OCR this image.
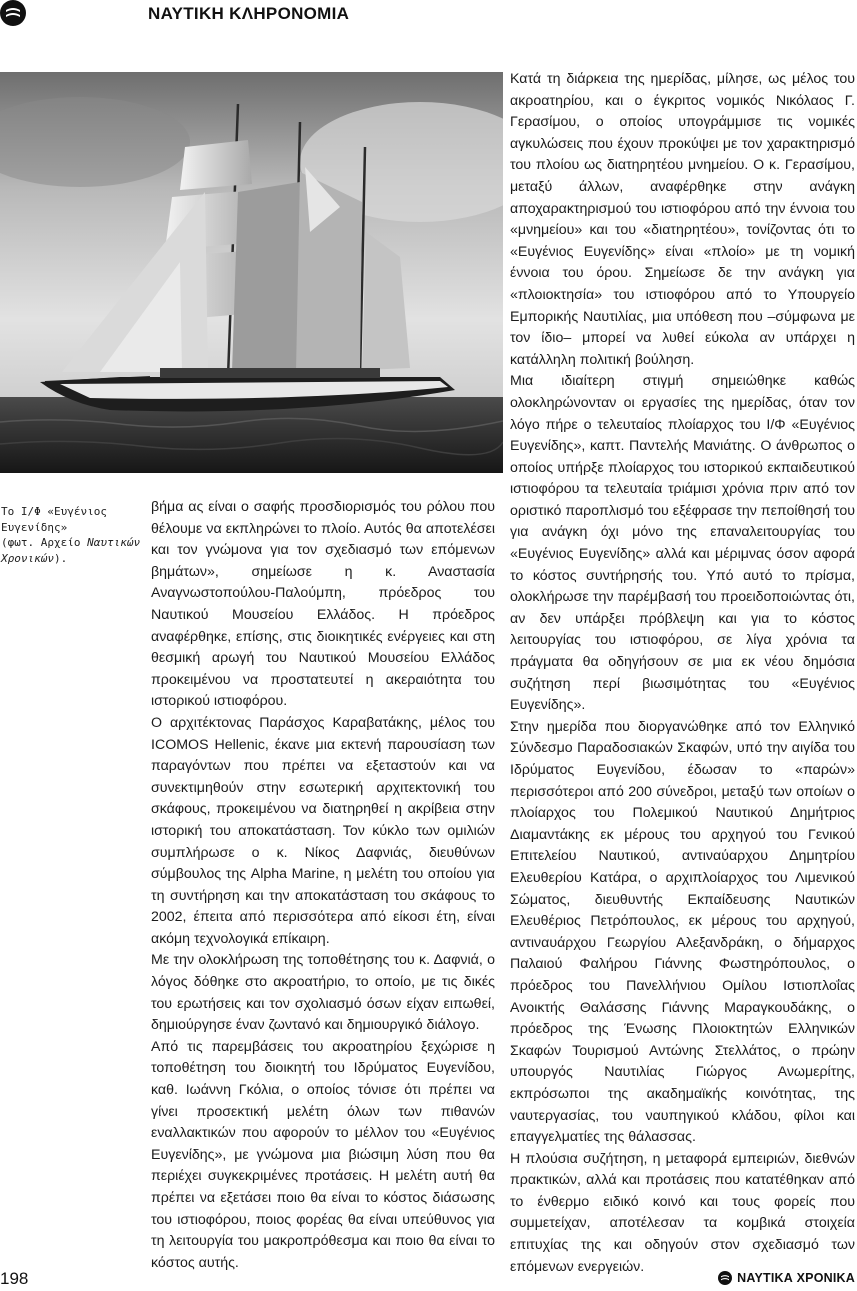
ΝΑΥΤΙΚΗ ΚΛΗΡΟΝΟΜΙΑ

Το Ι/Φ «Ευγένιος Ευγενίδης»
(φωτ. Αρχείο Ναυτικών Χρονικών).

βήμα ας είναι ο σαφής προσδιορισμός του ρόλου που θέλουμε να εκπληρώνει το πλοίο. Αυτός θα αποτελέσει και τον γνώμονα για τον σχεδιασμό των επόμενων βημάτων», σημείωσε η κ. Αναστασία Αναγνωστοπούλου-Παλούμπη, πρόεδρος του Ναυτικού Μουσείου Ελλάδος. Η πρόεδρος αναφέρθηκε, επίσης, στις διοικητικές ενέργειες και στη θεσμική αρωγή του Ναυτικού Μουσείου Ελλάδος προκειμένου να προστατευτεί η ακεραιότητα του ιστορικού ιστιοφόρου.

Ο αρχιτέκτονας Παράσχος Καραβατάκης, μέλος του ICOMOS Hellenic, έκανε μια εκτενή παρουσίαση των παραγόντων που πρέπει να εξεταστούν και να συνεκτιμηθούν στην εσωτερική αρχιτεκτονική του σκάφους, προκειμένου να διατηρηθεί η ακρίβεια στην ιστορική του αποκατάσταση. Τον κύκλο των ομιλιών συμπλήρωσε ο κ. Νίκος Δαφνιάς, διευθύνων σύμβουλος της Alpha Marine, η μελέτη του οποίου για τη συντήρηση και την αποκατάσταση του σκάφους το 2002, έπειτα από περισσότερα από είκοσι έτη, είναι ακόμη τεχνολογικά επίκαιρη.

Με την ολοκλήρωση της τοποθέτησης του κ. Δαφνιά, ο λόγος δόθηκε στο ακροατήριο, το οποίο, με τις δικές του ερωτήσεις και τον σχολιασμό όσων είχαν ειπωθεί, δημιούργησε έναν ζωντανό και δημιουργικό διάλογο.

Από τις παρεμβάσεις του ακροατηρίου ξεχώρισε η τοποθέτηση του διοικητή του Ιδρύματος Ευγενίδου, καθ. Ιωάννη Γκόλια, ο οποίος τόνισε ότι πρέπει να γίνει προσεκτική μελέτη όλων των πιθανών εναλλακτικών που αφορούν το μέλλον του «Ευγένιος Ευγενίδης», με γνώμονα μια βιώσιμη λύση που θα περιέχει συγκεκριμένες προτάσεις. Η μελέτη αυτή θα πρέπει να εξετάσει ποιο θα είναι το κόστος διάσωσης του ιστιοφόρου, ποιος φορέας θα είναι υπεύθυνος για τη λειτουργία του μακροπρόθεσμα και ποιο θα είναι το κόστος αυτής.

Κατά τη διάρκεια της ημερίδας, μίλησε, ως μέλος του ακροατηρίου, και ο έγκριτος νομικός Νικόλαος Γ. Γερασίμου, ο οποίος υπογράμμισε τις νομικές αγκυλώσεις που έχουν προκύψει με τον χαρακτηρισμό του πλοίου ως διατηρητέου μνημείου. Ο κ. Γερασίμου, μεταξύ άλλων, αναφέρθηκε στην ανάγκη αποχαρακτηρισμού του ιστιοφόρου από την έννοια του «μνημείου» και του «διατηρητέου», τονίζοντας ότι το «Ευγένιος Ευγενίδης» είναι «πλοίο» με τη νομική έννοια του όρου. Σημείωσε δε την ανάγκη για «πλοιοκτησία» του ιστιοφόρου από το Υπουργείο Εμπορικής Ναυτιλίας, μια υπόθεση που –σύμφωνα με τον ίδιο– μπορεί να λυθεί εύκολα αν υπάρχει η κατάλληλη πολιτική βούληση.

Μια ιδιαίτερη στιγμή σημειώθηκε καθώς ολοκληρώνονταν οι εργασίες της ημερίδας, όταν τον λόγο πήρε ο τελευταίος πλοίαρχος του Ι/Φ «Ευγένιος Ευγενίδης», καπτ. Παντελής Μανιάτης. Ο άνθρωπος ο οποίος υπήρξε πλοίαρχος του ιστορικού εκπαιδευτικού ιστιοφόρου τα τελευταία τριάμισι χρόνια πριν από τον οριστικό παροπλισμό του εξέφρασε την πεποίθησή του για ανάγκη όχι μόνο της επαναλειτουργίας του «Ευγένιος Ευγενίδης» αλλά και μέριμνας όσον αφορά το κόστος συντήρησής του. Υπό αυτό το πρίσμα, ολοκλήρωσε την παρέμβασή του προειδοποιώντας ότι, αν δεν υπάρξει πρόβλεψη και για το κόστος λειτουργίας του ιστιοφόρου, σε λίγα χρόνια τα πράγματα θα οδηγήσουν σε μια εκ νέου δημόσια συζήτηση περί βιωσιμότητας του «Ευγένιος Ευγενίδης».

Στην ημερίδα που διοργανώθηκε από τον Ελληνικό Σύνδεσμο Παραδοσιακών Σκαφών, υπό την αιγίδα του Ιδρύματος Ευγενίδου, έδωσαν το «παρών» περισσότεροι από 200 σύνεδροι, μεταξύ των οποίων ο πλοίαρχος του Πολεμικού Ναυτικού Δημήτριος Διαμαντάκης εκ μέρους του αρχηγού του Γενικού Επιτελείου Ναυτικού, αντιναύαρχου Δημητρίου Ελευθερίου Κατάρα, ο αρχιπλοίαρχος του Λιμενικού Σώματος, διευθυντής Εκπαίδευσης Ναυτικών Ελευθέριος Πετρόπουλος, εκ μέρους του αρχηγού, αντιναυάρχου Γεωργίου Αλεξανδράκη, ο δήμαρχος Παλαιού Φαλήρου Γιάννης Φωστηρόπουλος, ο πρόεδρος του Πανελλήνιου Ομίλου Ιστιοπλοΐας Ανοικτής Θαλάσσης Γιάννης Μαραγκουδάκης, ο πρόεδρος της Ένωσης Πλοιοκτητών Ελληνικών Σκαφών Τουρισμού Αντώνης Στελλάτος, ο πρώην υπουργός Ναυτιλίας Γιώργος Ανωμερίτης, εκπρόσωποι της ακαδημαϊκής κοινότητας, της ναυτεργασίας, του ναυπηγικού κλάδου, φίλοι και επαγγελματίες της θάλασσας.

Η πλούσια συζήτηση, η μεταφορά εμπειριών, διεθνών πρακτικών, αλλά και προτάσεις που κατατέθηκαν από το ένθερμο ειδικό κοινό και τους φορείς που συμμετείχαν, αποτέλεσαν τα κομβικά στοιχεία επιτυχίας της και οδηγούν στον σχεδιασμό των επόμενων ενεργειών.

198	ΝΑΥΤΙΚΑ ΧΡΟΝΙΚΑ
